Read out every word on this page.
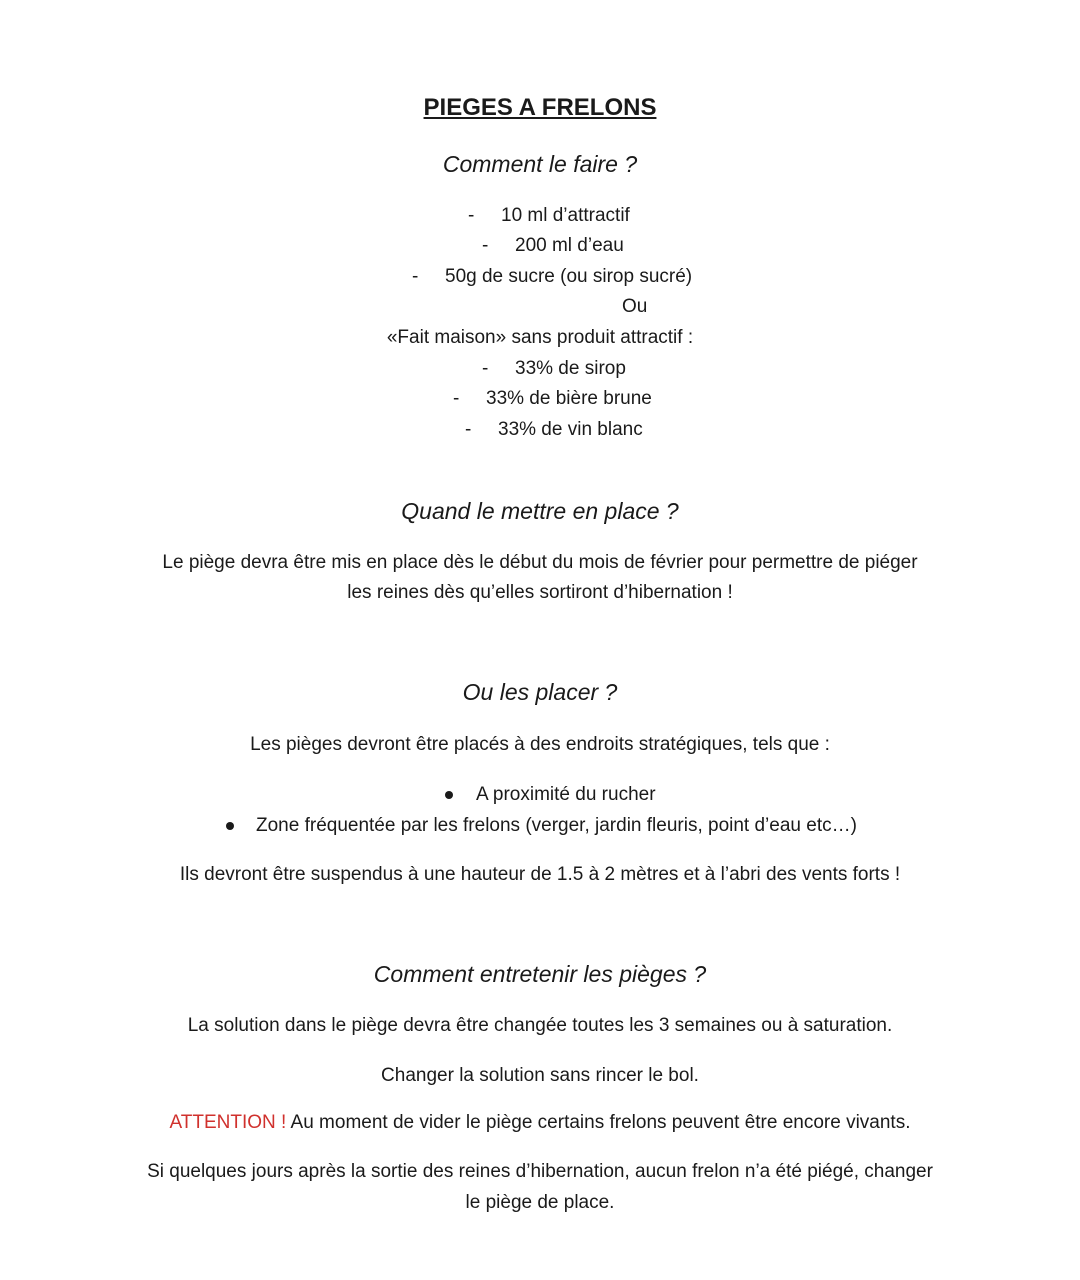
PIEGES A FRELONS
Comment le faire ?
- 10 ml d’attractif
- 200 ml d’eau
- 50g de sucre (ou sirop sucré)
Ou
«Fait maison» sans produit attractif :
- 33% de sirop
- 33% de bière brune
- 33% de vin blanc
Quand le mettre en place ?
Le piège devra être mis en place dès le début du mois de février pour permettre de piéger
les reines dès qu’elles sortiront d’hibernation !
Ou les placer ?
Les pièges devront être placés à des endroits stratégiques, tels que :
A proximité du rucher
Zone fréquentée par les frelons (verger, jardin fleuris, point d’eau etc…)
Ils devront être suspendus à une hauteur de 1.5 à 2 mètres et à l’abri des vents forts !
Comment entretenir les pièges ?
La solution dans le piège devra être changée toutes les 3 semaines ou à saturation.
Changer la solution sans rincer le bol.
ATTENTION ! Au moment de vider le piège certains frelons peuvent être encore vivants.
Si quelques jours après la sortie des reines d’hibernation, aucun frelon n’a été piégé, changer
le piège de place.
